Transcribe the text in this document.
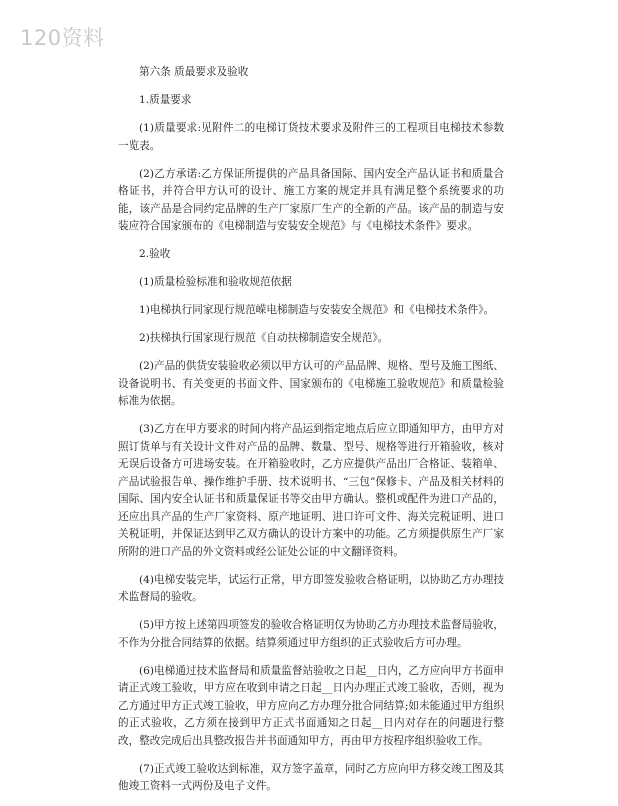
120资料

第六条 质最要求及验收

1.质量要求

(1)质量要求:见附件二的电梯订货技术要求及附件三的工程项目电梯技术参数一览表。

(2)乙方承诺:乙方保证所提供的产品具备国际、国内安全产品认证书和质量合格证书，并符合甲方认可的设计、施工方案的规定并具有满足整个系统要求的功能，该产品是合同约定品牌的生产厂家原厂生产的全新的产品。该产品的制造与安装应符合国家颁布的《电梯制造与安装安全规范》与《电梯技术条件》要求。

2.验收

(1)质量检验标准和验收规范依据

1)电梯执行同家现行规范嵘电梯制造与安装安全规范》和《电梯技术条件》。

2)扶梯执行国家现行规范《自动扶梯制造安全规范》。

(2)产品的供货安装验收必须以甲方认可的产品品牌、规格、型号及施工图纸、设备说明书、有关变更的书面文件、国家颁布的《电梯施工验收规范》和质量检验标准为依据。

(3)乙方在甲方要求的时间内将产品运到指定地点后应立即通知甲方，由甲方对照订货单与有关设计文件对产品的品牌、数量、型号、规格等进行开箱验收，核对无误后设备方可进场安装。在开箱验收时，乙方应提供产品出厂合格证、装箱单、产品试验报告单、操作维护手册、技术说明书、“三包”保修卡、产品及相关材料的国际、国内安全认证书和质量保证书等交由甲方确认。整机或配件为进口产品的，还应出具产品的生产厂家资料、原产地证明、进口许可文件、海关完税证明、进口关税证明，并保证达到甲乙双方确认的设计方案中的功能。乙方须提供原生产厂家所附的进口产品的外文资料或经公证处公证的中文翻译资料。

(4)电梯安装完毕，试运行正常，甲方即签发验收合格证明，以协助乙方办理技术监督局的验收。

(5)甲方按上述第四项签发的验收合格证明仅为协助乙方办理技术监督局验收，不作为分批合同结算的依据。结算须通过甲方组织的正式验收后方可办理。

(6)电梯通过技术监督局和质量监督站验收之日起__日内，乙方应向甲方书面申请正式竣工验收，甲方应在收到申请之日起__日内办理正式竣工验收，否则，视为乙方通过甲方正式竣工验收，甲方应向乙方办理分批合同结算;如未能通过甲方组织的正式验收，乙方须在接到甲方正式书面通知之日起__日内对存在的问题进行整改，整改完成后出具整改报告并书面通知甲方，再由甲方按程序组织验收工作。

(7)正式竣工验收达到标准，双方签字盖章，同时乙方应向甲方移交竣工图及其他竣工资料一式两份及电子文件。
